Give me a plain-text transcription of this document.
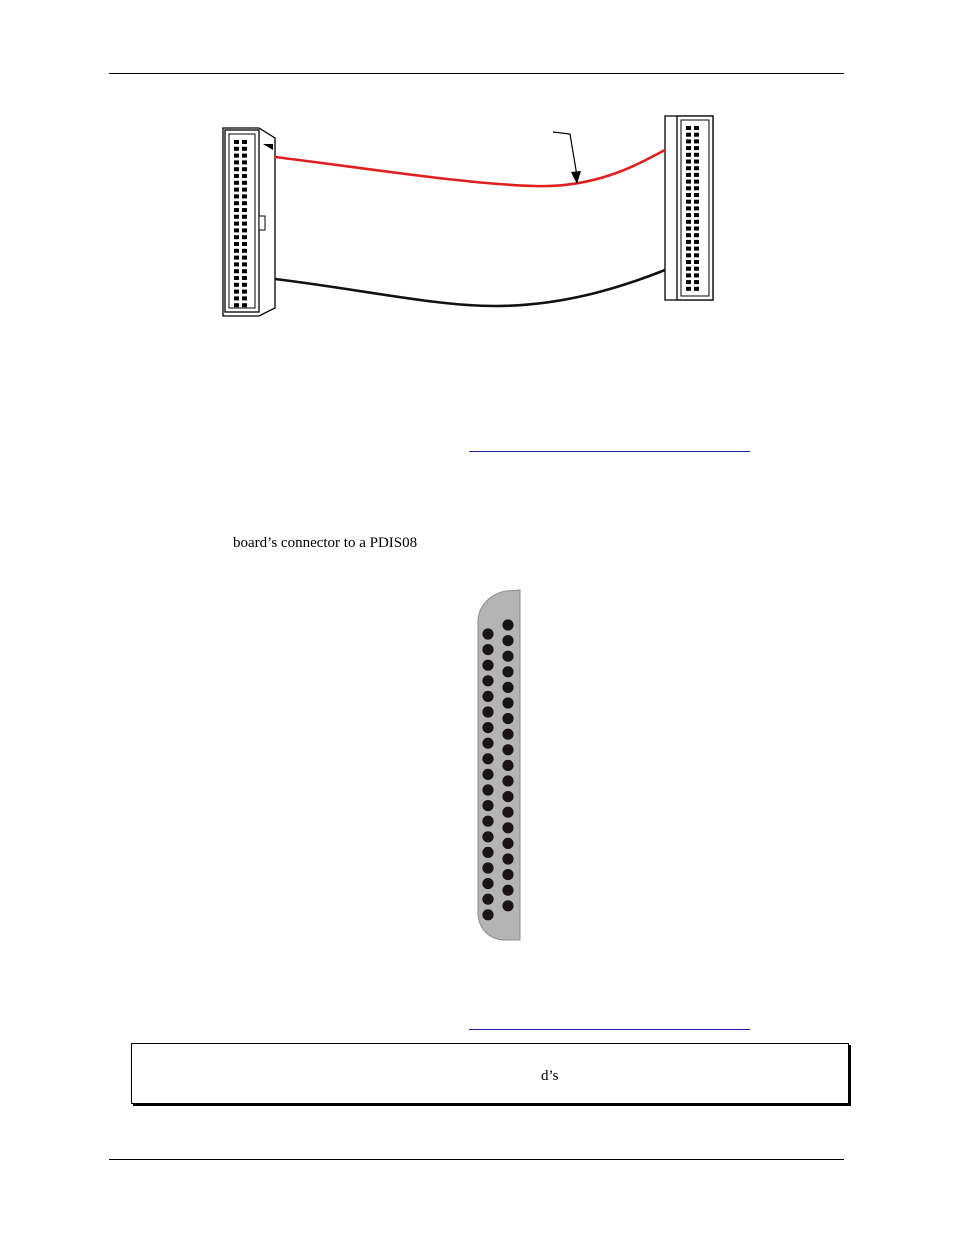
board’s connector to a PDIS08
d’s
